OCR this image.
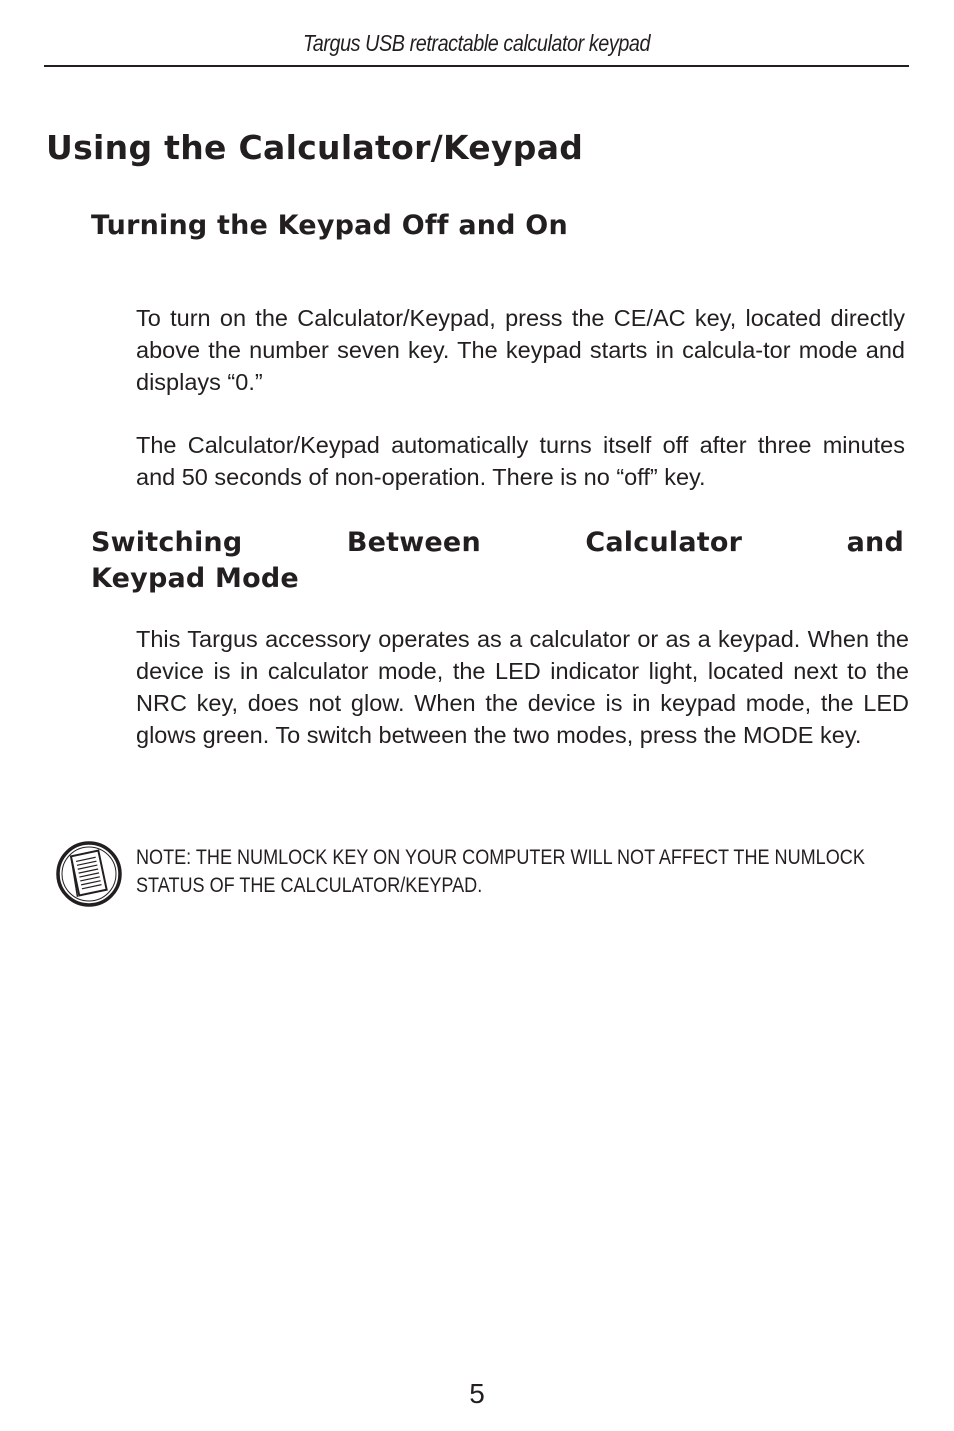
Targus USB retractable calculator keypad
Using the Calculator/Keypad
Turning the Keypad Off and On

To turn on the Calculator/Keypad, press the CE/AC key, located directly above the number seven key. The keypad starts in calcula-tor mode and displays “0.”

The Calculator/Keypad automatically turns itself off after three minutes and 50 seconds of non-operation. There is no “off” key.

Switching Between Calculator and
Keypad Mode

This Targus accessory operates as a calculator or as a keypad. When the device is in calculator mode, the LED indicator light, located next to the NRC key, does not glow. When the device is in keypad mode, the LED glows green. To switch between the two modes, press the MODE key.

NOTE: THE NUMLOCK KEY ON YOUR COMPUTER WILL NOT AFFECT THE NUMLOCK
STATUS OF THE CALCULATOR/KEYPAD.
5
